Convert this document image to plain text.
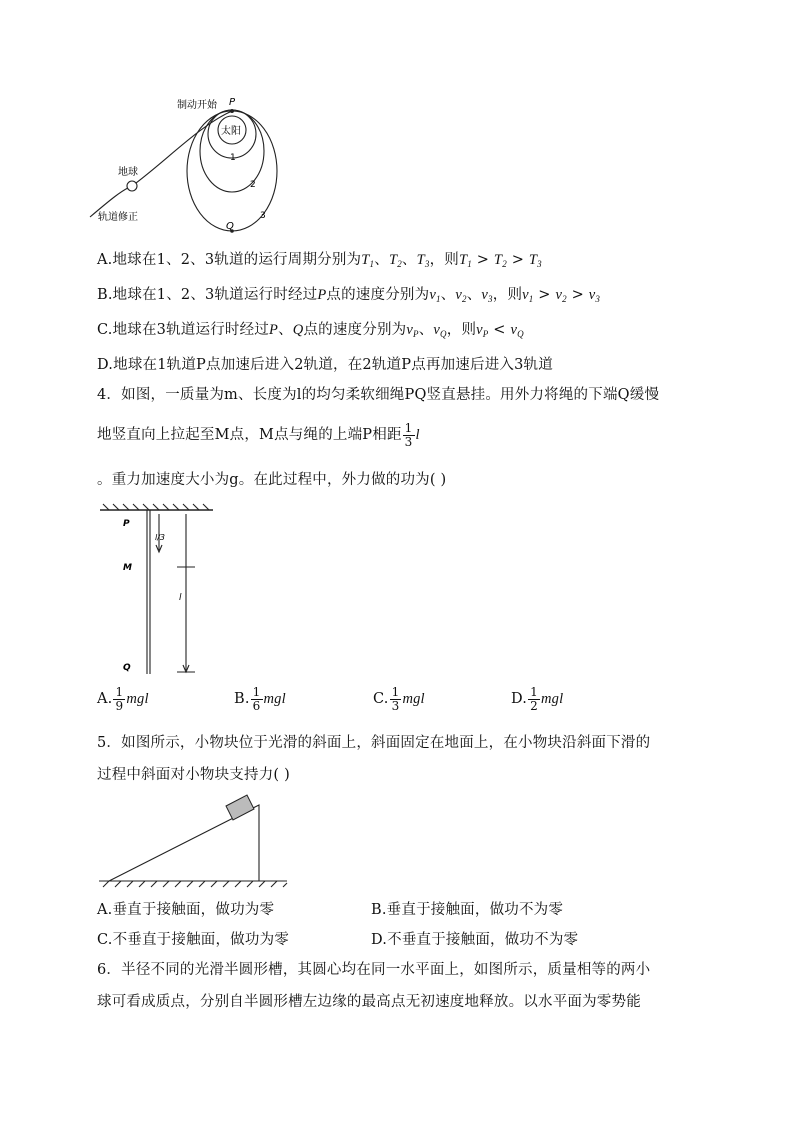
制动开始 P
太阳
1
2
3
Q
地球
轨道修正
A.地球在1、2、3轨道的运行周期分别为$T_1$、$T_2$、$T_3$，则$T_1 > T_2 > T_3$
B.地球在1、2、3轨道运行时经过P点的速度分别为$v_1$、$v_2$、$v_3$，则$v_1 > v_2 > v_3$
C.地球在3轨道运行时经过P、Q点的速度分别为$v_P$、$v_Q$，则$v_P < v_Q$
D.地球在1轨道P点加速后进入2轨道，在2轨道P点再加速后进入3轨道
4．如图，一质量为m、长度为l的均匀柔软细绳PQ竖直悬挂。用外力将绳的下端Q缓慢
地竖直向上拉起至M点，M点与绳的上端P相距 $\frac{1}{3}$ l
。重力加速度大小为g。在此过程中，外力做的功为( )
P
M
Q
l/3
l
A. $\frac{1}{9}$ mgl	B. $\frac{1}{6}$ mgl	C. $\frac{1}{3}$ mgl	D. $\frac{1}{2}$ mgl
5．如图所示，小物块位于光滑的斜面上，斜面固定在地面上，在小物块沿斜面下滑的
过程中斜面对小物块支持力( )
A.垂直于接触面，做功为零	B.垂直于接触面，做功不为零
C.不垂直于接触面，做功为零	D.不垂直于接触面，做功不为零
6．半径不同的光滑半圆形槽，其圆心均在同一水平面上，如图所示，质量相等的两小
球可看成质点，分别自半圆形槽左边缘的最高点无初速度地释放。以水平面为零势能
